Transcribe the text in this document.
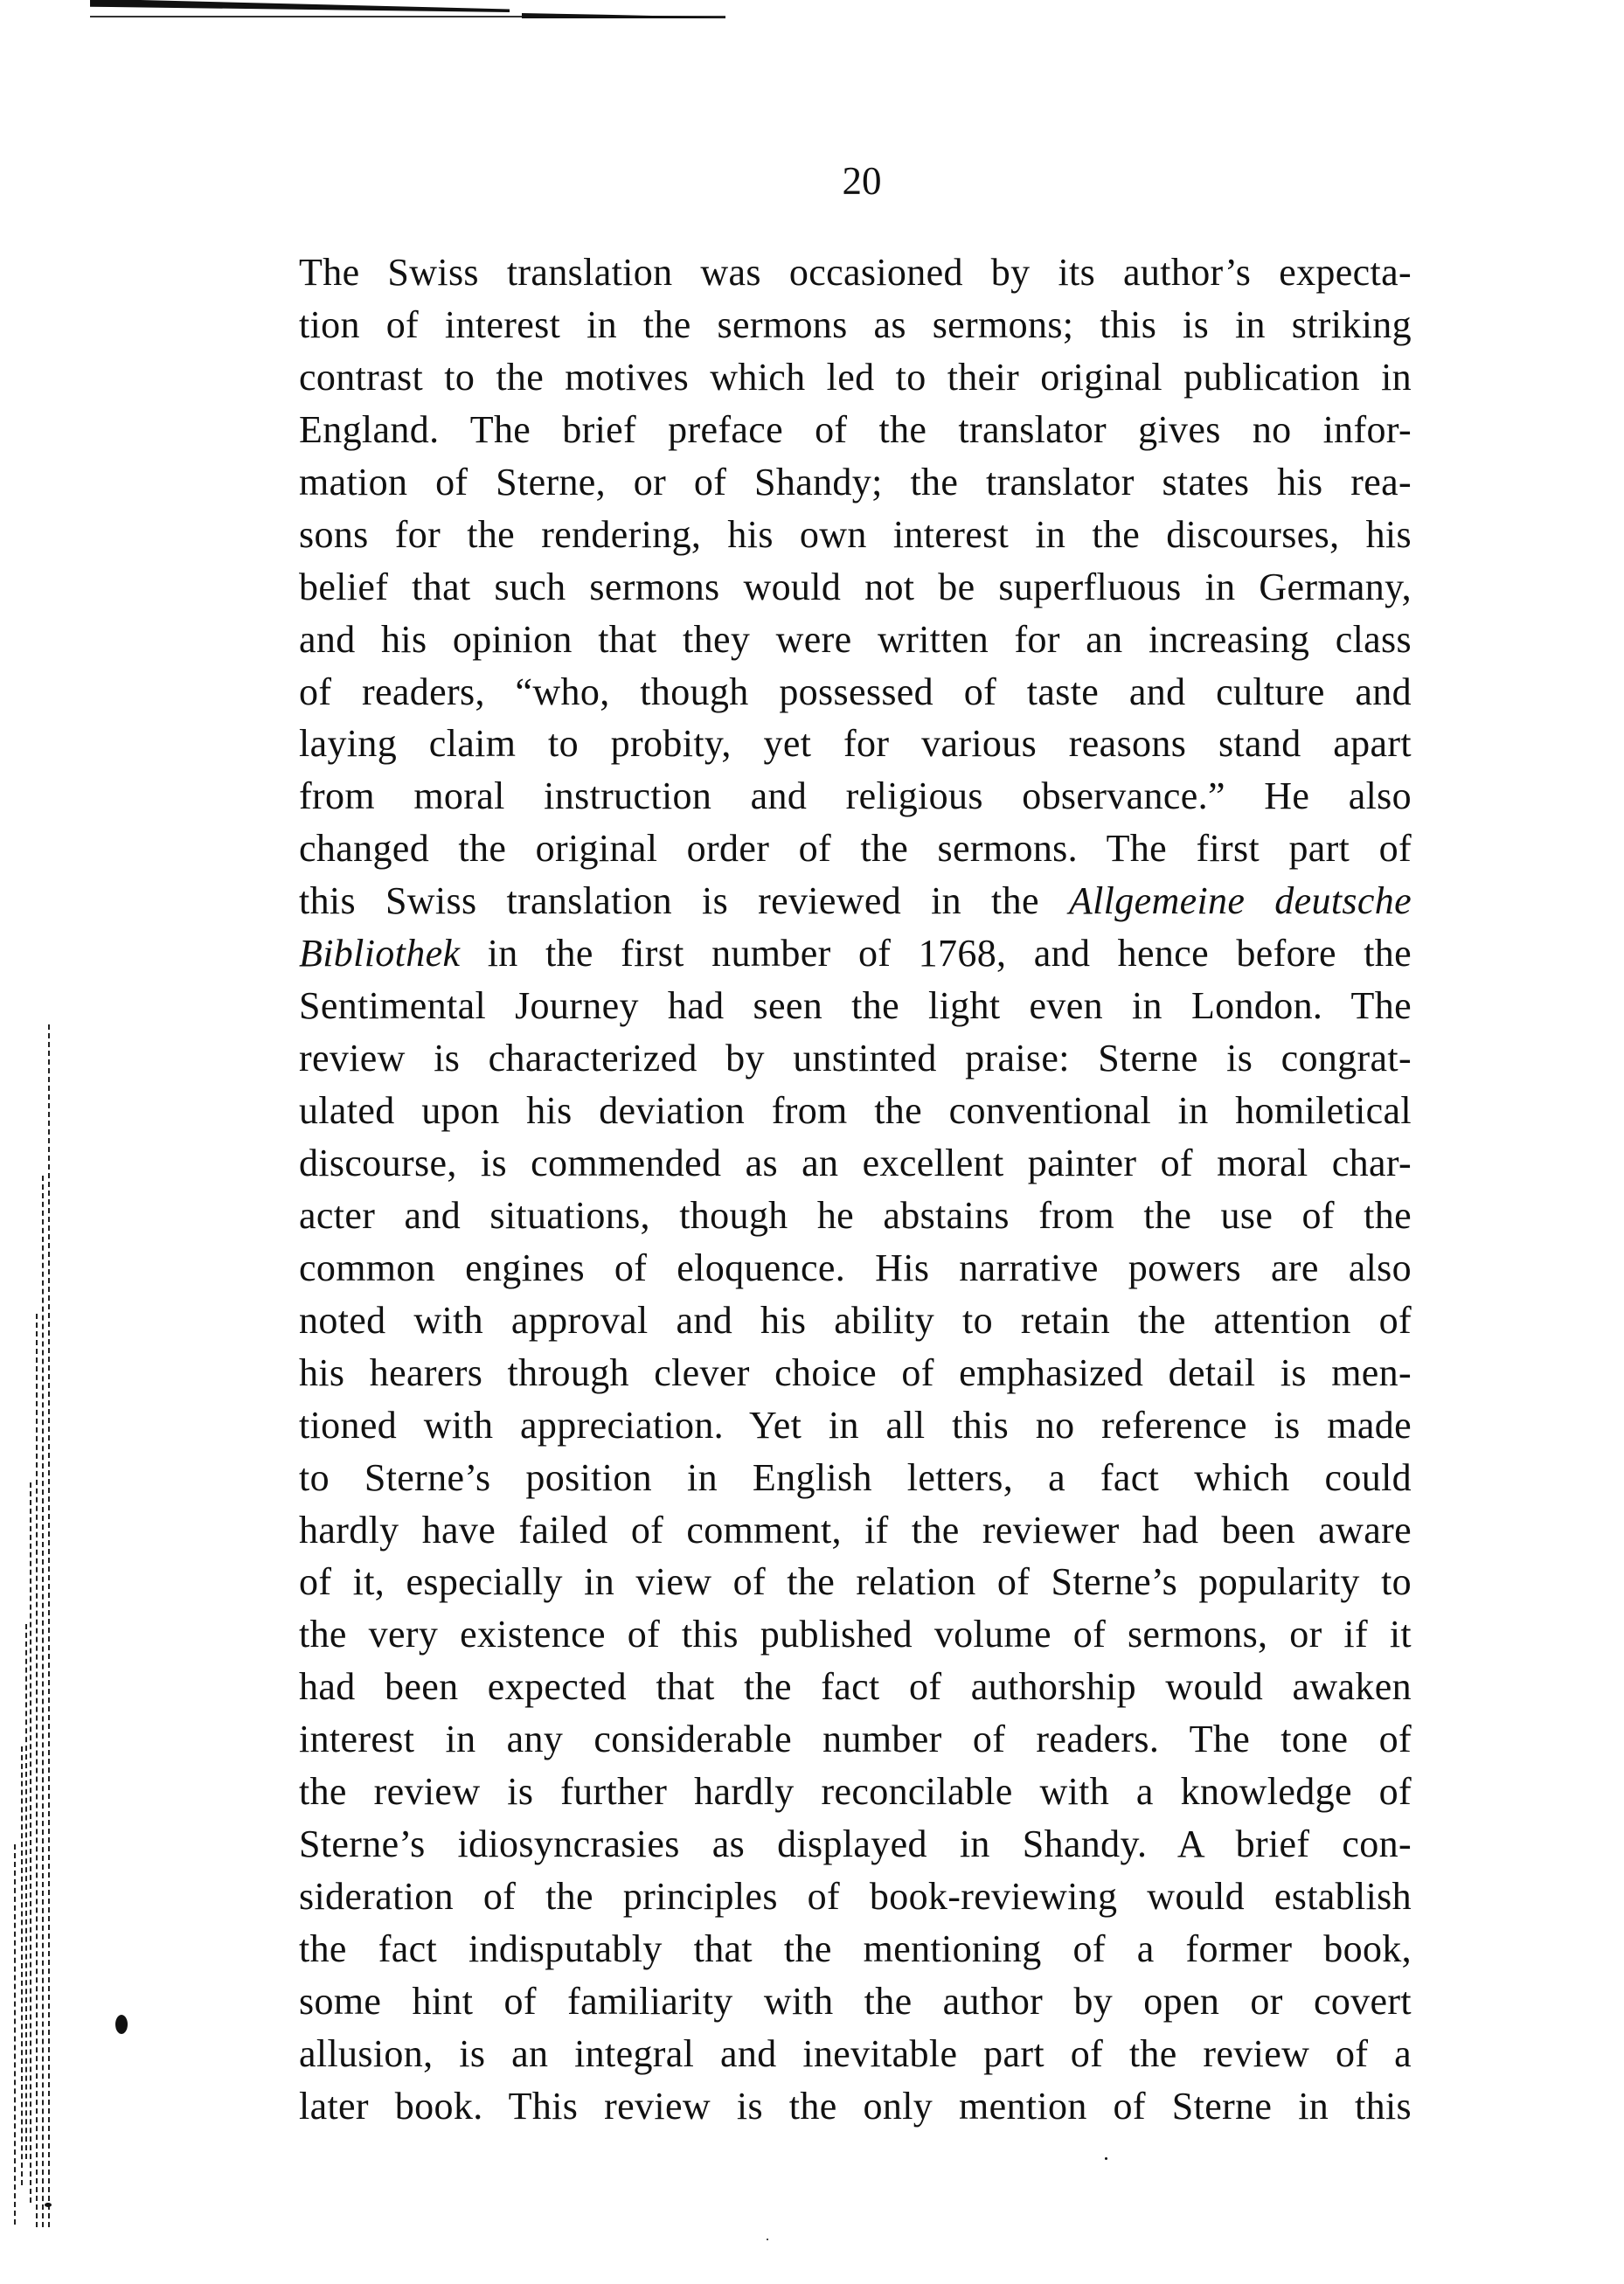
20
The Swiss translation was occasioned by its author’s expecta-
tion of interest in the sermons as sermons; this is in striking
contrast to the motives which led to their original publication in
England. The brief preface of the translator gives no infor-
mation of Sterne, or of Shandy; the translator states his rea-
sons for the rendering, his own interest in the discourses, his
belief that such sermons would not be superfluous in Germany,
and his opinion that they were written for an increasing class
of readers, “who, though possessed of taste and culture and
laying claim to probity, yet for various reasons stand apart
from moral instruction and religious observance.” He also
changed the original order of the sermons. The first part of
this Swiss translation is reviewed in the Allgemeine deutsche
Bibliothek in the first number of 1768, and hence before the
Sentimental Journey had seen the light even in London. The
review is characterized by unstinted praise: Sterne is congrat-
ulated upon his deviation from the conventional in homiletical
discourse, is commended as an excellent painter of moral char-
acter and situations, though he abstains from the use of the
common engines of eloquence. His narrative powers are also
noted with approval and his ability to retain the attention of
his hearers through clever choice of emphasized detail is men-
tioned with appreciation. Yet in all this no reference is made
to Sterne’s position in English letters, a fact which could
hardly have failed of comment, if the reviewer had been aware
of it, especially in view of the relation of Sterne’s popularity to
the very existence of this published volume of sermons, or if it
had been expected that the fact of authorship would awaken
interest in any considerable number of readers. The tone of
the review is further hardly reconcilable with a knowledge of
Sterne’s idiosyncrasies as displayed in Shandy. A brief con-
sideration of the principles of book-reviewing would establish
the fact indisputably that the mentioning of a former book,
some hint of familiarity with the author by open or covert
allusion, is an integral and inevitable part of the review of a
later book. This review is the only mention of Sterne in this
